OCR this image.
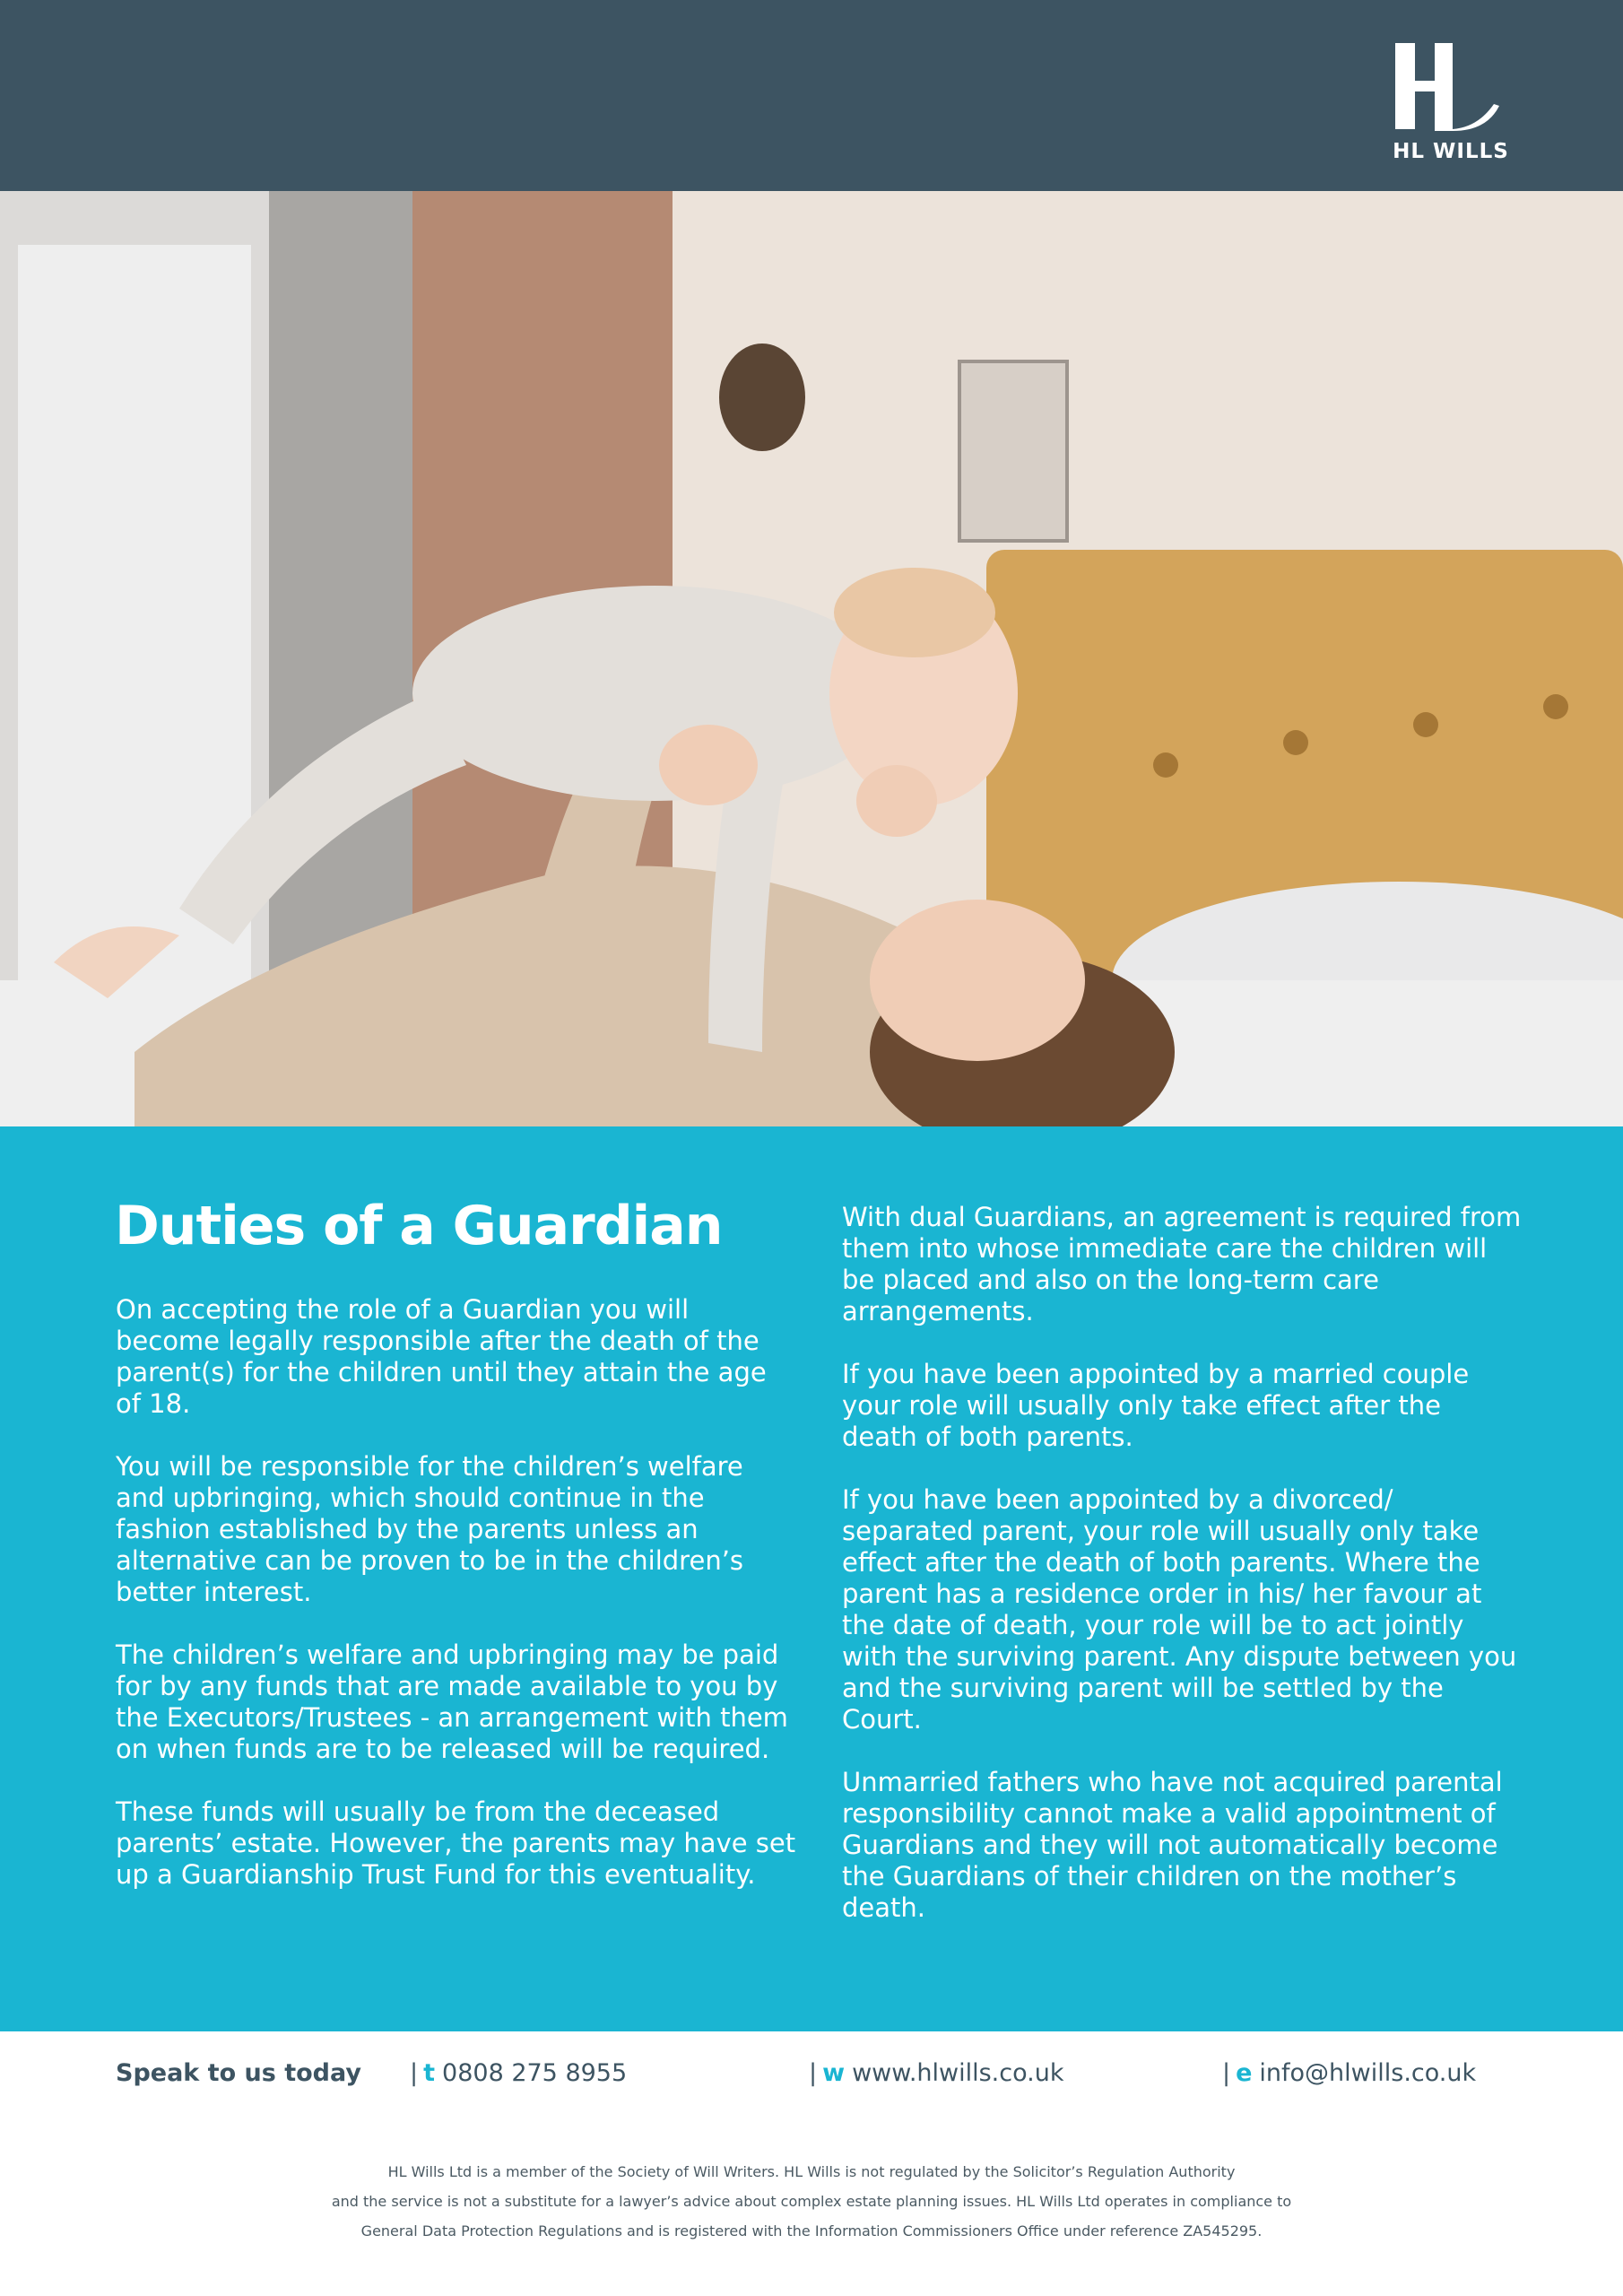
HL WILLS
Duties of a Guardian

On accepting the role of a Guardian you will become legally responsible after the death of the parent(s) for the children until they attain the age of 18.

You will be responsible for the children’s welfare and upbringing, which should continue in the fashion established by the parents unless an alternative can be proven to be in the children’s better interest.

The children’s welfare and upbringing may be paid for by any funds that are made available to you by the Executors/Trustees - an arrangement with them on when funds are to be released will be required.

These funds will usually be from the deceased parents’ estate. However, the parents may have set up a Guardianship Trust Fund for this eventuality.

With dual Guardians, an agreement is required from them into whose immediate care the children will be placed and also on the long-term care arrangements.

If you have been appointed by a married couple your role will usually only take effect after the death of both parents.

If you have been appointed by a divorced/ separated parent, your role will usually only take effect after the death of both parents. Where the parent has a residence order in his/ her favour at the date of death, your role will be to act jointly with the surviving parent. Any dispute between you and the surviving parent will be settled by the Court.

Unmarried fathers who have not acquired parental responsibility cannot make a valid appointment of Guardians and they will not automatically become the Guardians of their children on the mother’s death.

Speak to us today | t 0808 275 8955	| w www.hlwills.co.uk	| e info@hlwills.co.uk
HL Wills Ltd is a member of the Society of Will Writers. HL Wills is not regulated by the Solicitor’s Regulation Authority
and the service is not a substitute for a lawyer’s advice about complex estate planning issues. HL Wills Ltd operates in compliance to
General Data Protection Regulations and is registered with the Information Commissioners Office under reference ZA545295.
